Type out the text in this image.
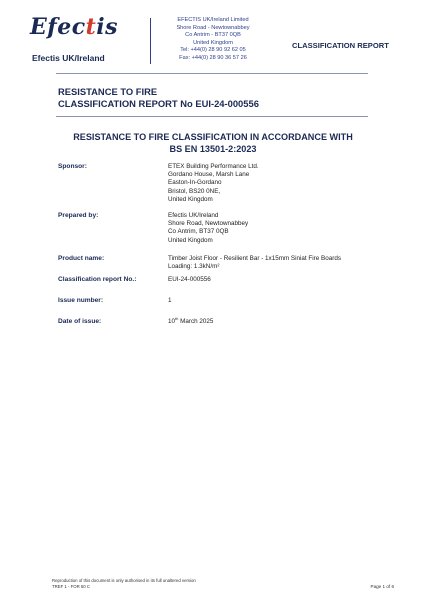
Efectis
Efectis UK/Ireland
EFECTIS UK/Ireland Limited
Shore Road - Newtownabbey
Co Antrim - BT37 0QB
United Kingdom
Tel: +44(0) 28 90 92 62 05
Fax: +44(0) 28 90 36 57 26
CLASSIFICATION REPORT
RESISTANCE TO FIRE
CLASSIFICATION REPORT No EUI-24-000556
RESISTANCE TO FIRE CLASSIFICATION IN ACCORDANCE WITH
BS EN 13501-2:2023
Sponsor:	ETEX Building Performance Ltd.
Gordano House, Marsh Lane
Easton-In-Gordano
Bristol, BS20 0NE,
United Kingdom
Prepared by:	Efectis UK/Ireland
Shore Road, Newtownabbey
Co Antrim, BT37 0QB
United Kingdom
Product name:	Timber Joist Floor - Resilient Bar - 1x15mm Siniat Fire Boards
Loading: 1.3kN/m²
Classification report No.:	EUI-24-000556
Issue number:	1
Date of issue:	10th March 2025
Reproduction of this document is only authorised in its full unaltered version
TREF 1 - FOR 50 C	Page 1 of 6
